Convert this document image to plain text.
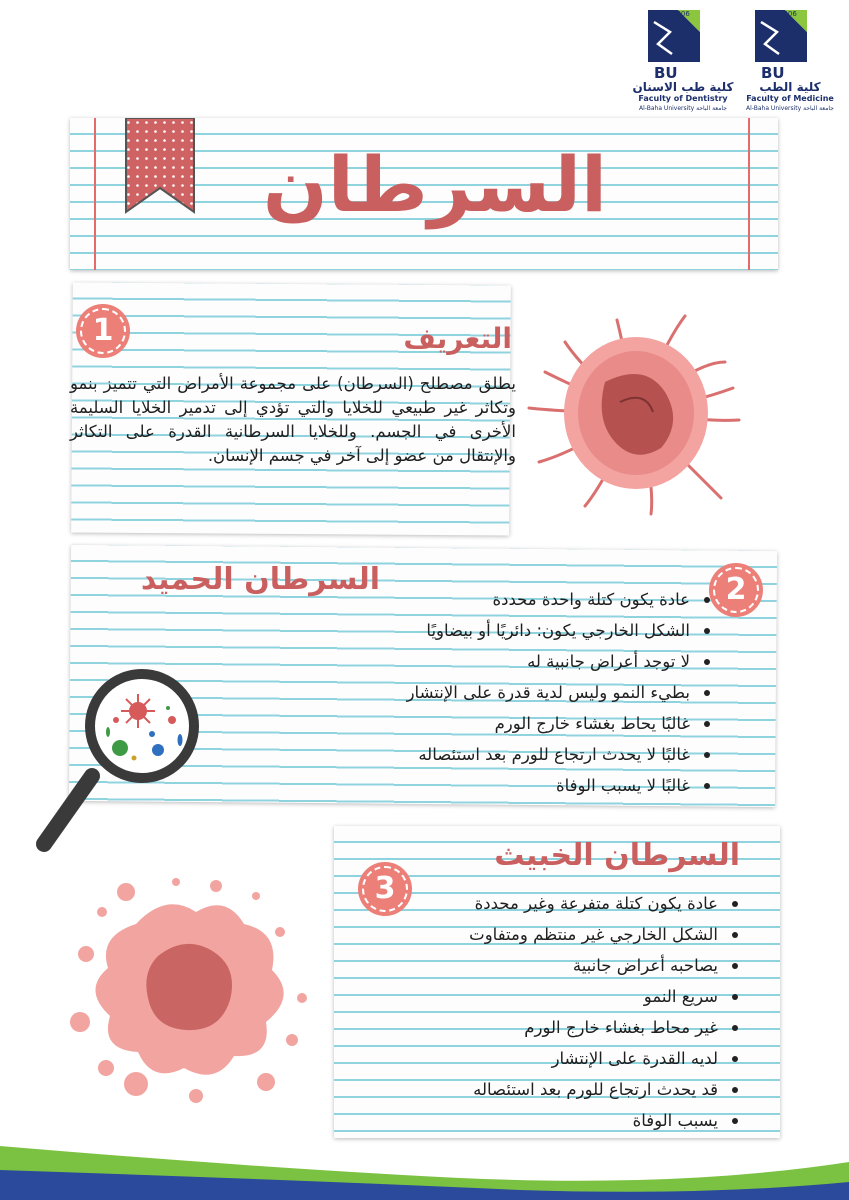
2006
BU
كلية طب الاسنان
Faculty of Dentistry
Al-Baha University جامعة الباحة
2006
BU
كلية الطب
Faculty of Medicine
Al-Baha University جامعة الباحة
السرطان
1	التعريف
يطلق مصطلح (السرطان) على مجموعة الأمراض التي تتميز بنمو وتكاثر غير طبيعي للخلايا والتي تؤدي إلى تدمير الخلايا السليمة الأخرى في الجسم. وللخلايا السرطانية القدرة على التكاثر والإنتقال من عضو إلى آخر في جسم الإنسان.
2
السرطان الحميد
عادة يكون كتلة واحدة محددة
الشكل الخارجي يكون: دائريًا أو بيضاويًا
لا توجد أعراض جانبية له
بطيء النمو وليس لدية قدرة على الإنتشار
غالبًا يحاط بغشاء خارج الورم
غالبًا لا يحدث ارتجاع للورم بعد استئصاله
غالبًا لا يسبب الوفاة
3
السرطان الخبيث
عادة يكون كتلة متفرعة وغير محددة
الشكل الخارجي غير منتظم ومتفاوت
يصاحبه أعراض جانبية
سريع النمو
غير محاط بغشاء خارج الورم
لديه القدرة على الإنتشار
قد يحدث ارتجاع للورم بعد استئصاله
يسبب الوفاة
